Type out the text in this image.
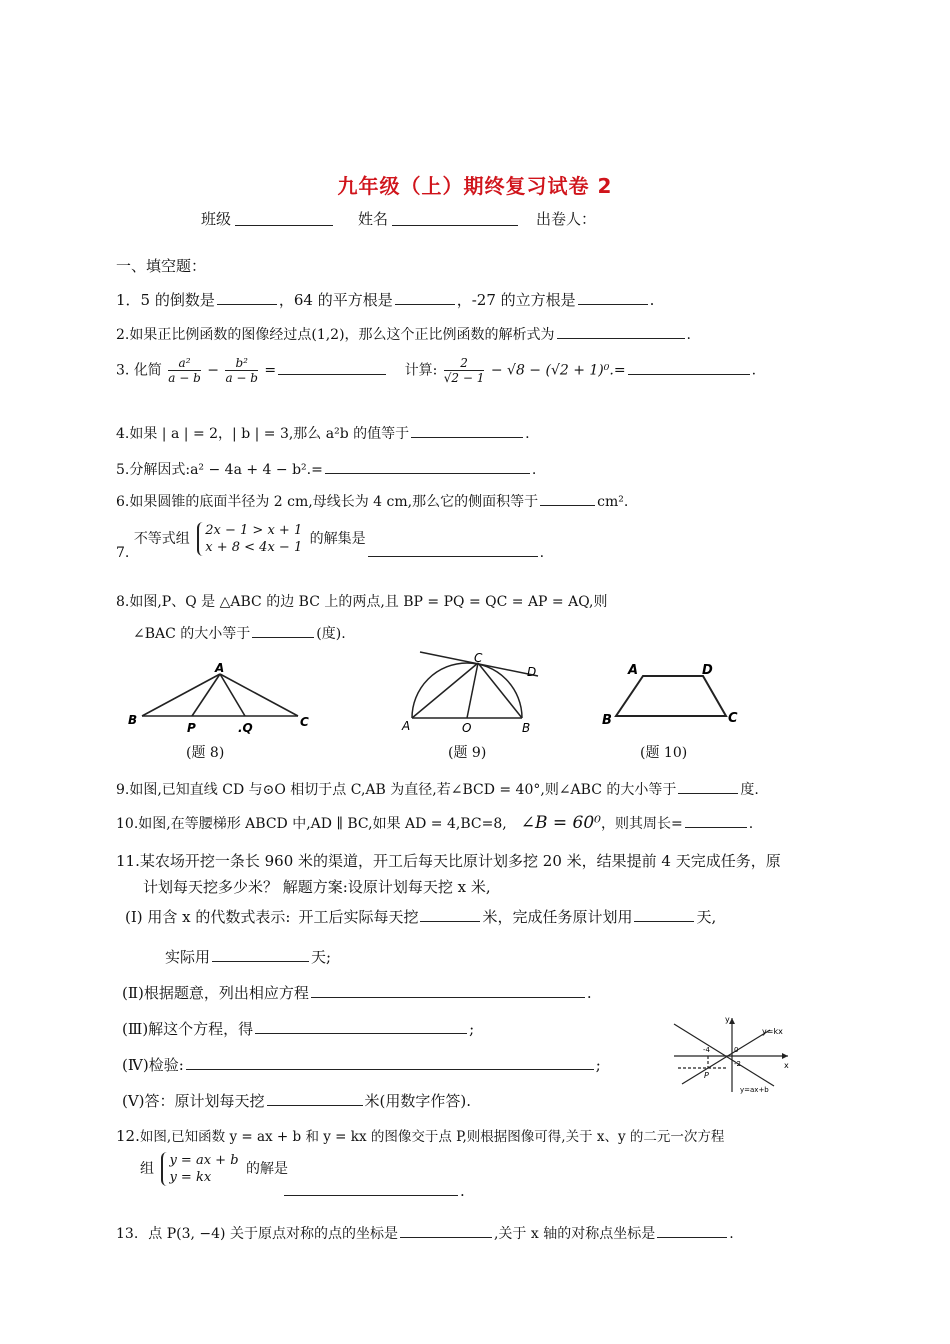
九年级（上）期终复习试卷 2
班级	姓名	出卷人：
一、填空题：
1．5 的倒数是	，64 的平方根是	，-27 的立方根是	.
2.如果正比例函数的图像经过点(1,2)，那么这个正比例函数的解析式为	.
3. 化简 $\frac{\text{a²}}{a - b} - \frac{\text{b²}}{a - b}$ =	计算: $\frac{2}{√2 - 1} - √8 - (√2 + 1)^0.=$	.
4.如果 | a | = 2，| b | = 3,那么 a²b 的值等于	.
5.分解因式:a² − 4a + 4 − b².=	.
6.如果圆锥的底面半径为 2 cm,母线长为 4 cm,那么它的侧面积等于	cm².
7. 不等式组 2x − 1 > x + 1
x + 8 < 4x − 1 的解集是.
8.如图,P、Q 是 △ABC 的边 BC 上的两点,且 BP = PQ = QC = AP = AQ,则
∠BAC 的大小等于	(度).
A
B	C
P	.Q
(题 8)
C
D
A	O	B
(题 9)
A	D
B	C
(题 10)
9.如图,已知直线 CD 与⊙O 相切于点 C,AB 为直径,若∠BCD = 40°,则∠ABC 的大小等于	度.
10.如图,在等腰梯形 ABCD 中,AD ∥ BC,如果 AD = 4,BC=8, ∠B = 60⁰，则其周长=	.
11.某农场开挖一条长 960 米的渠道，开工后每天比原计划多挖 20 米，结果提前 4 天完成任务，原
计划每天挖多少米？ 解题方案:设原计划每天挖 x 米,
(Ⅰ) 用含 x 的代数式表示: 开工后实际每天挖	米，完成任务原计划用	天,
实际用	天;
(Ⅱ)根据题意，列出相应方程	.
(Ⅲ)解这个方程，得	;
(Ⅳ)检验:	;
(Ⅴ)答：原计划每天挖	米(用数字作答).
y
x
0
-4
-2
P
y=kx
y=ax+b
12.如图,已知函数 y = ax + b 和 y = kx 的图像交于点 P,则根据图像可得,关于 x、y 的二元一次方程
组 y = ax + b
y = kx 的解是
.
13. 点 P(3, −4) 关于原点对称的点的坐标是	,关于 x 轴的对称点坐标是	.
